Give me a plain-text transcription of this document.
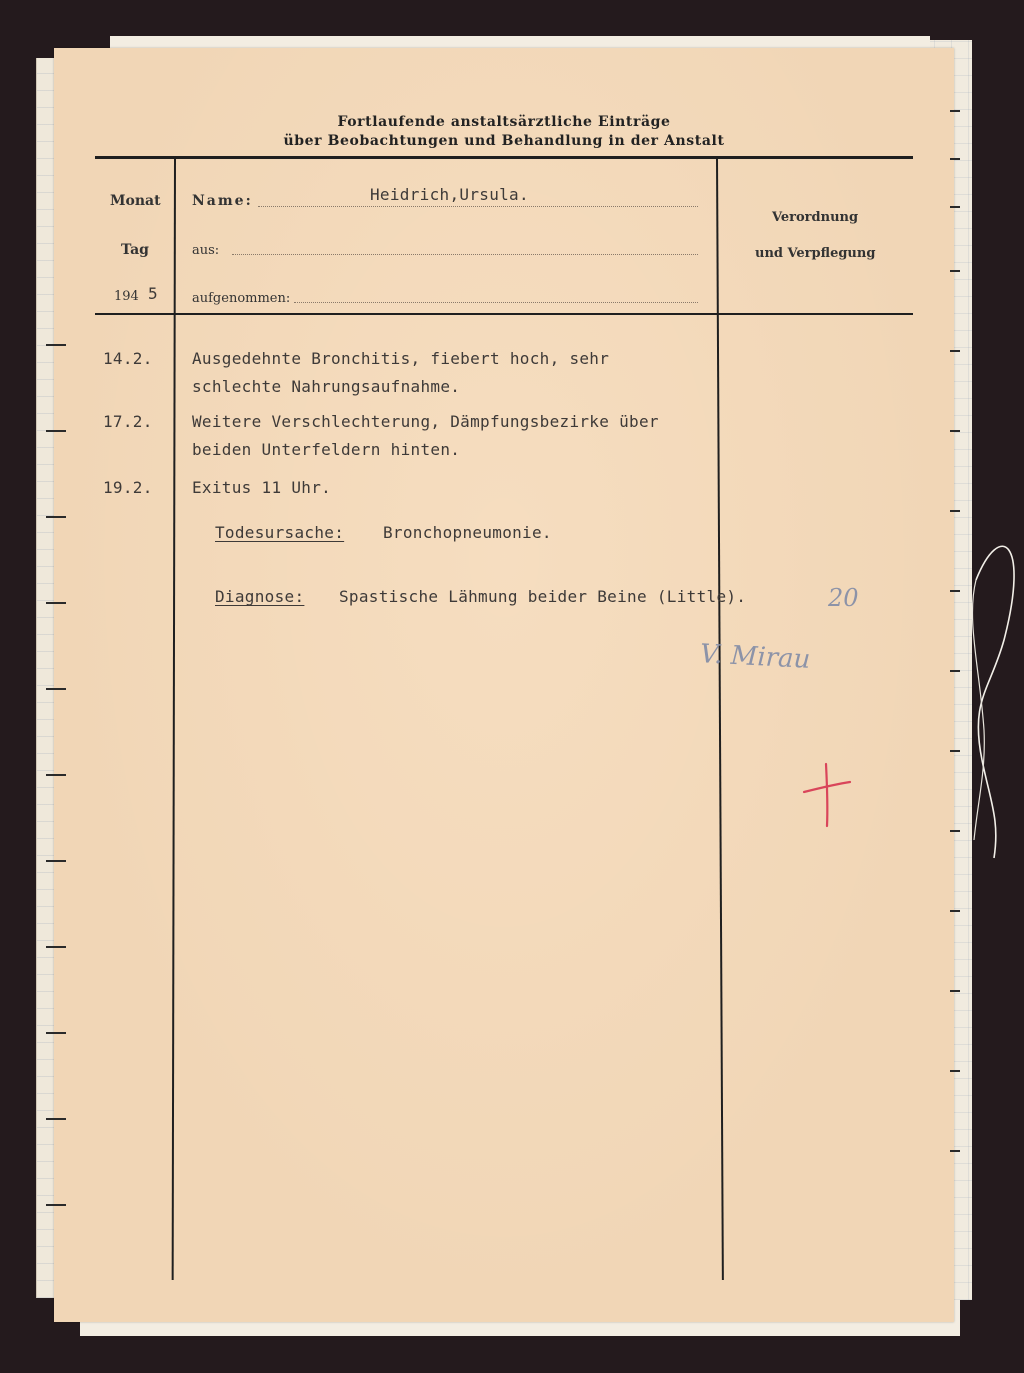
Fortlaufende anstaltsärztliche Einträge
über Beobachtungen und Behandlung in der Anstalt
Monat
Tag
194 5
Name:	Heidrich,Ursula.
aus:
aufgenommen:
Verordnung
und Verpflegung
14.2. Ausgedehnte Bronchitis, fiebert hoch, sehr
schlechte Nahrungsaufnahme.
17.2. Weitere Verschlechterung, Dämpfungsbezirke über
beiden Unterfeldern hinten.
19.2. Exitus 11 Uhr.
Todesursache: Bronchopneumonie.
Diagnose: Spastische Lähmung beider Beine (Little).	20
V. Mirau
